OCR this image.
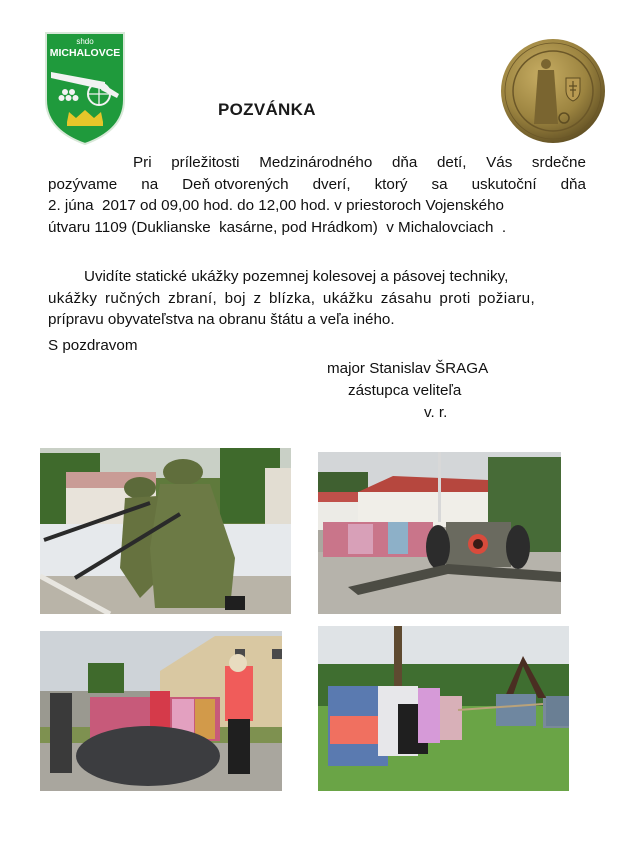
shdo
MICHALOVCE
POZVÁNKA
Pri príležitosti Medzinárodného dňa detí, Vás srdečne
pozývame na Deň otvorených dverí, ktorý sa uskutoční dňa
2. júna  2017 od 09,00 hod. do 12,00 hod. v priestoroch Vojenského
útvaru 1109 (Duklianske  kasárne, pod Hrádkom)  v Michalovciach  .
Uvidíte statické ukážky pozemnej kolesovej a pásovej techniky,
ukážky ručných zbraní, boj z blízka, ukážku zásahu proti požiaru,
prípravu obyvateľstva na obranu štátu a veľa iného.
S pozdravom
major Stanislav ŠRAGA
zástupca veliteľa
v. r.
